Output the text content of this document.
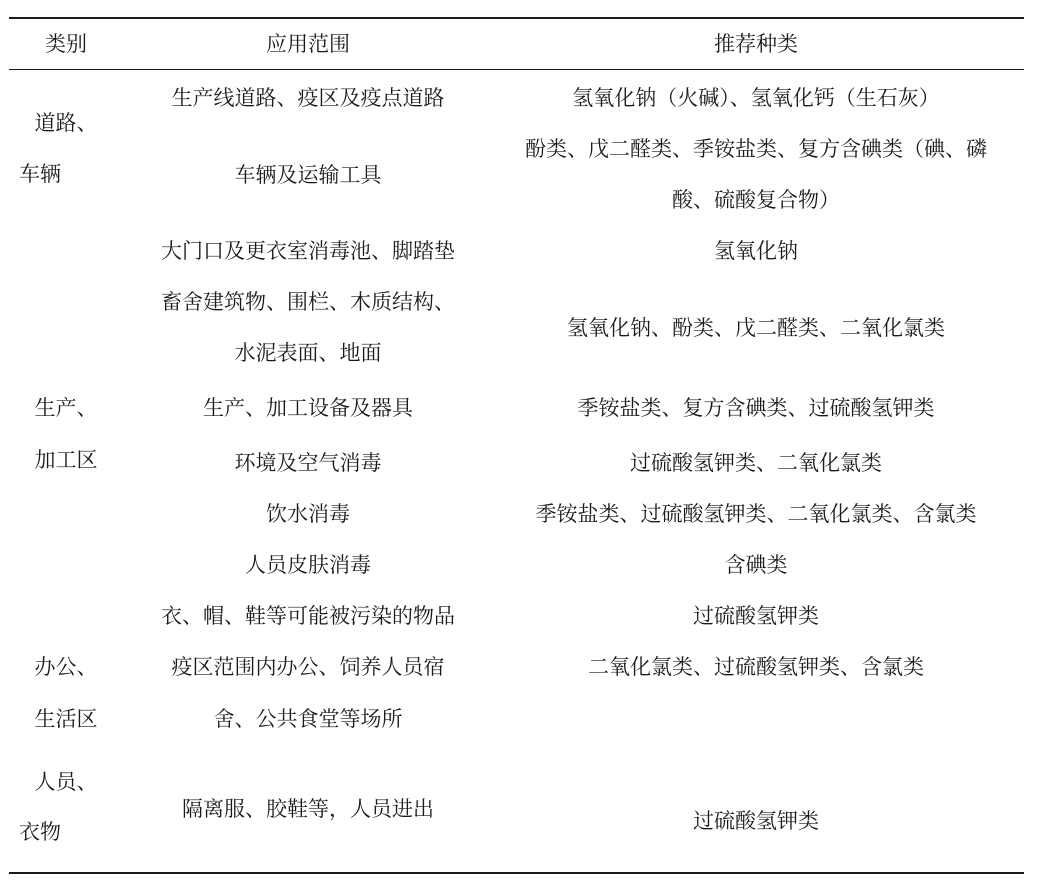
类别	应用范围	推荐种类
道路、
车辆
生产、
加工区
办公、
生活区
人员、
衣物
生产线道路、疫区及疫点道路
车辆及运输工具
大门口及更衣室消毒池、脚踏垫
畜舍建筑物、围栏、木质结构、
水泥表面、地面
生产、加工设备及器具
环境及空气消毒
饮水消毒
人员皮肤消毒
衣、帽、鞋等可能被污染的物品
疫区范围内办公、饲养人员宿
舍、公共食堂等场所
隔离服、胶鞋等，人员进出
氢氧化钠（火碱）、氢氧化钙（生石灰）
酚类、戊二醛类、季铵盐类、复方含碘类（碘、磷
酸、硫酸复合物）
氢氧化钠
氢氧化钠、酚类、戊二醛类、二氧化氯类
季铵盐类、复方含碘类、过硫酸氢钾类
过硫酸氢钾类、二氧化氯类
季铵盐类、过硫酸氢钾类、二氧化氯类、含氯类
含碘类
过硫酸氢钾类
二氧化氯类、过硫酸氢钾类、含氯类
过硫酸氢钾类
